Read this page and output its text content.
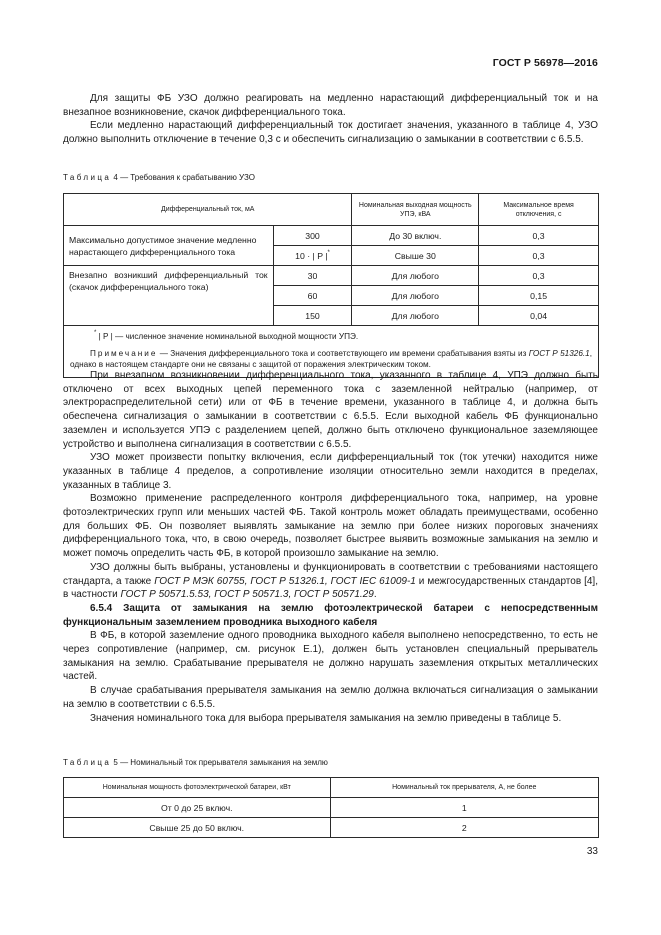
ГОСТ Р 56978—2016

Для защиты ФБ УЗО должно реагировать на медленно нарастающий дифференциальный ток и на внезапное возникновение, скачок дифференциального тока.

Если медленно нарастающий дифференциальный ток достигает значения, указанного в таблице 4, УЗО должно выполнить отключение в течение 0,3 с и обеспечить сигнализацию о замыкании в соответствии с 6.5.5.

Таблица 4 — Требования к срабатыванию УЗО
Дифференциальный ток, мА		Номинальная выходная мощность УПЭ, кВА	Максимальное время отключения, с
Максимально допустимое значение медленно нарастающего дифференциального тока	300	До 30 включ.	0,3
	10 · | P |*	Свыше 30	0,3
Внезапно возникший дифференциальный ток (скачок дифференциального тока)	30	Для любого	0,3
	60	Для любого	0,15
	150	Для любого	0,04

* | P | — численное значение номинальной выходной мощности УПЭ.
Примечание — Значения дифференциального тока и соответствующего им времени срабатывания взяты из ГОСТ Р 51326.1, однако в настоящем стандарте они не связаны с защитой от поражения электрическим током.			

При внезапном возникновении дифференциального тока, указанного в таблице 4, УПЭ должно быть отключено от всех выходных цепей переменного тока с заземленной нейтралью (например, от электрораспределительной сети) или от ФБ в течение времени, указанного в таблице 4, и должна быть обеспечена сигнализация о замыкании в соответствии с 6.5.5. Если выходной кабель ФБ функционально заземлен и используется УПЭ с разделением цепей, должно быть отключено функциональное заземляющее устройство и выполнена сигнализация в соответствии с 6.5.5.

УЗО может произвести попытку включения, если дифференциальный ток (ток утечки) находится ниже указанных в таблице 4 пределов, а сопротивление изоляции относительно земли находится в пределах, указанных в таблице 3.

Возможно применение распределенного контроля дифференциального тока, например, на уровне фотоэлектрических групп или меньших частей ФБ. Такой контроль может обладать преимуществами, особенно для больших ФБ. Он позволяет выявлять замыкание на землю при более низких пороговых значениях дифференциального тока, что, в свою очередь, позволяет быстрее выявить возможные замыкания на землю и может помочь определить часть ФБ, в которой произошло замыкание на землю.

УЗО должны быть выбраны, установлены и функционировать в соответствии с требованиями настоящего стандарта, а также ГОСТ Р МЭК 60755, ГОСТ Р 51326.1, ГОСТ IEC 61009-1 и межгосударственных стандартов [4], в частности ГОСТ Р 50571.5.53, ГОСТ Р 50571.3, ГОСТ Р 50571.29.

6.5.4 Защита от замыкания на землю фотоэлектрической батареи с непосредственным функциональным заземлением проводника выходного кабеля

В ФБ, в которой заземление одного проводника выходного кабеля выполнено непосредственно, то есть не через сопротивление (например, см. рисунок Е.1), должен быть установлен специальный прерыватель замыкания на землю. Срабатывание прерывателя не должно нарушать заземления открытых металлических частей.

В случае срабатывания прерывателя замыкания на землю должна включаться сигнализация о замыкании на землю в соответствии с 6.5.5.

Значения номинального тока для выбора прерывателя замыкания на землю приведены в таблице 5.

Таблица 5 — Номинальный ток прерывателя замыкания на землю
Номинальная мощность фотоэлектрической батареи, кВт	Номинальный ток прерывателя, А, не более
От 0 до 25 включ.	1
Свыше 25 до 50 включ.	2
33
